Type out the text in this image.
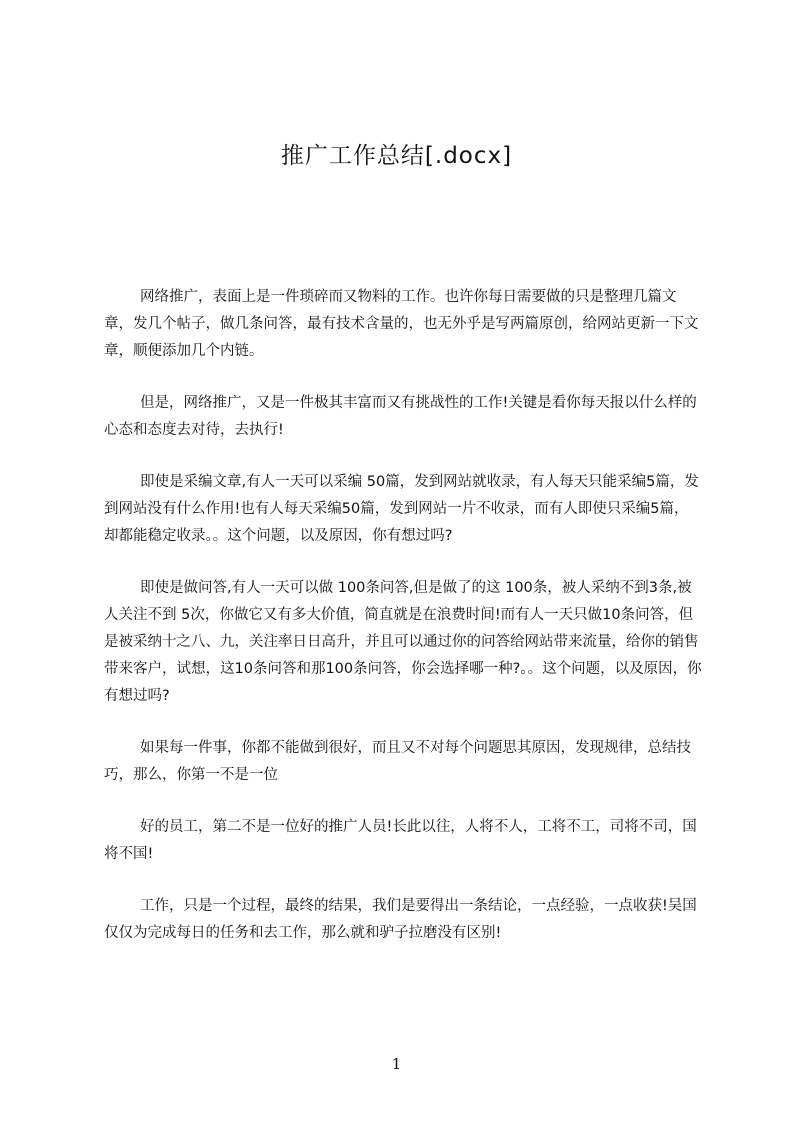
推广工作总结[.docx]

网络推广，表面上是一件琐碎而又物料的工作。也许你每日需要做的只是整理几篇文章，发几个帖子，做几条问答，最有技术含量的，也无外乎是写两篇原创，给网站更新一下文章，顺便添加几个内链。

但是，网络推广，又是一件极其丰富而又有挑战性的工作!关键是看你每天报以什么样的心态和态度去对待，去执行!

即使是采编文章,有人一天可以采编 50篇，发到网站就收录，有人每天只能采编5篇，发到网站没有什么作用!也有人每天采编50篇，发到网站一片不收录，而有人即使只采编5篇，却都能稳定收录。。这个问题，以及原因，你有想过吗?

即使是做问答,有人一天可以做 100条问答,但是做了的这 100条，被人采纳不到3条,被人关注不到 5次，你做它又有多大价值，简直就是在浪费时间!而有人一天只做10条问答，但是被采纳十之八、九，关注率日日高升，并且可以通过你的问答给网站带来流量，给你的销售带来客户，试想，这10条问答和那100条问答，你会选择哪一种?。。这个问题，以及原因，你有想过吗?

如果每一件事，你都不能做到很好，而且又不对每个问题思其原因，发现规律，总结技巧，那么，你第一不是一位

好的员工，第二不是一位好的推广人员!长此以往，人将不人，工将不工，司将不司，国将不国!

工作，只是一个过程，最终的结果，我们是要得出一条结论，一点经验，一点收获!吴国仅仅为完成每日的任务和去工作，那么就和驴子拉磨没有区别!

1
